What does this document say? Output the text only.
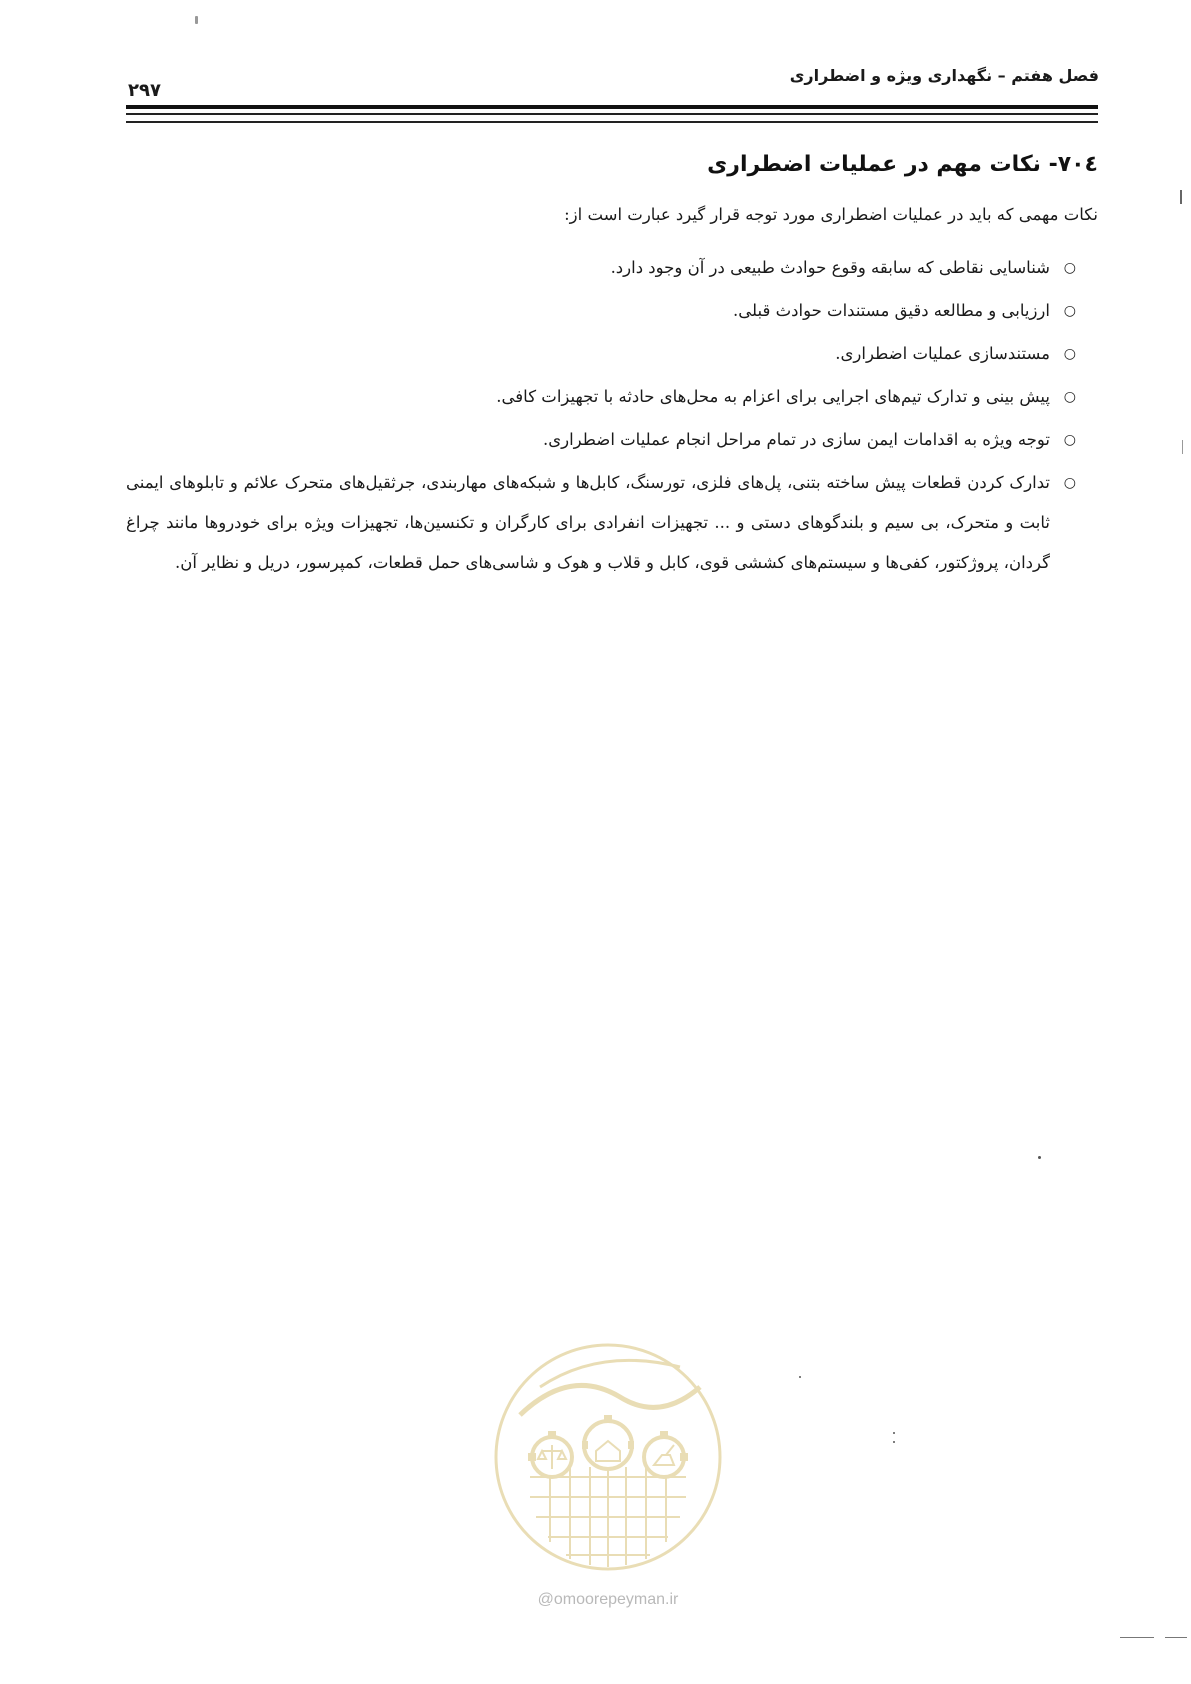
فصل هفتم – نگهداری ویژه و اضطراری
۲۹۷
۷۰٤- نکات مهم در عملیات اضطراری
نکات مهمی که باید در عملیات اضطراری مورد توجه قرار گیرد عبارت است از:
○
شناسایی نقاطی که سابقه وقوع حوادث طبیعی در آن وجود دارد.
○
ارزیابی و مطالعه دقیق مستندات حوادث قبلی.
○
مستندسازی عملیات اضطراری.
○
پیش بینی و تدارک تیم‌های اجرایی برای اعزام به محل‌های حادثه با تجهیزات کافی.
○
توجه ویژه به اقدامات ایمن سازی در تمام مراحل انجام عملیات اضطراری.
○
تدارک کردن قطعات پیش ساخته بتنی، پل‌های فلزی، تورسنگ، کابل‌ها و شبکه‌های مهاربندی، جرثقیل‌های متحرک علائم و تابلوهای ایمنی ثابت و متحرک، بی سیم و بلندگوهای دستی و ... تجهیزات انفرادی برای کارگران و تکنسین‌ها، تجهیزات ویژه برای خودروها مانند چراغ گردان، پروژکتور، کفی‌ها و سیستم‌های کششی قوی، کابل و قلاب و هوک و شاسی‌های حمل قطعات، کمپرسور، دریل و نظایر آن.
@omoorepeyman.ir
